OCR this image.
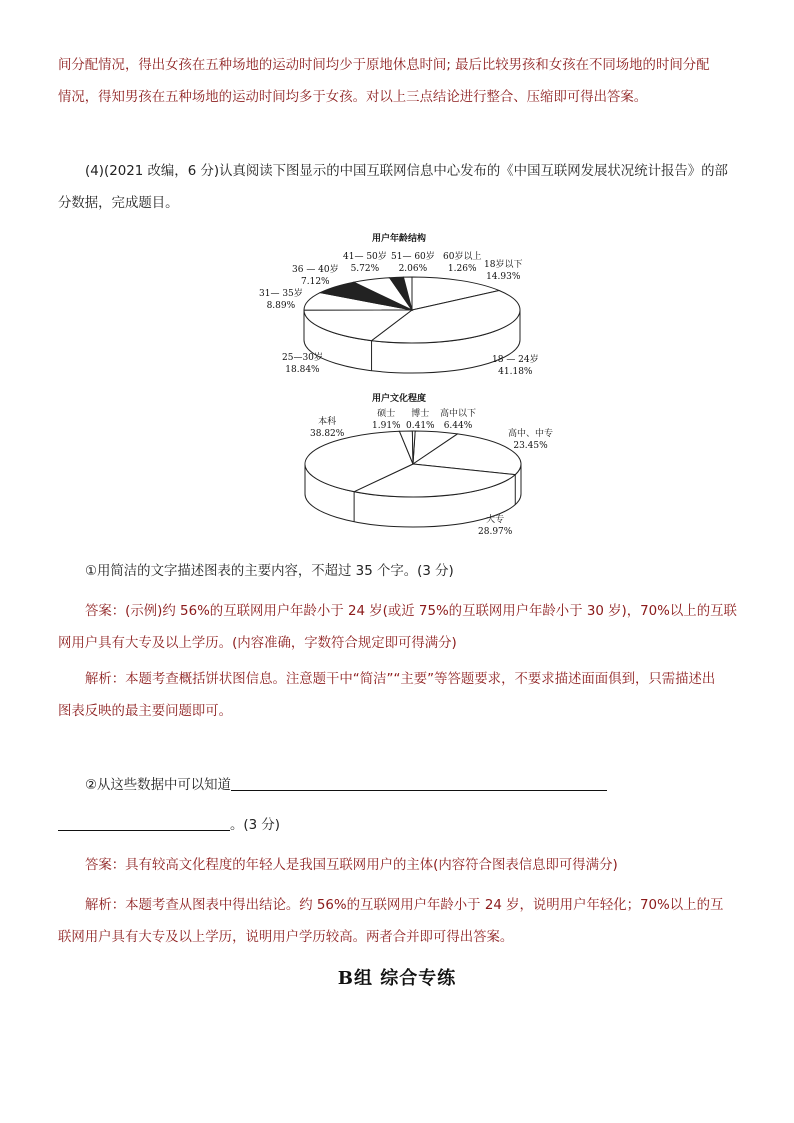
间分配情况，得出女孩在五种场地的运动时间均少于原地休息时间; 最后比较男孩和女孩在不同场地的时间分配
情况，得知男孩在五种场地的运动时间均多于女孩。对以上三点结论进行整合、压缩即可得出答案。

(4)(2021 改编，6 分)认真阅读下图显示的中国互联网信息中心发布的《中国互联网发展状况统计报告》的部
分数据，完成题目。

用户年龄结构
18岁以下
14.93%
18 — 24岁
41.18%
25—30岁
18.84%
31— 35岁
8.89%
36 — 40岁
7.12%
41— 50岁
5.72%
51— 60岁
2.06%
60岁以上
1.26%
用户文化程度
高中以下
6.44%
高中、中专
23.45%
大专
28.97%
本科
38.82%
硕士
1.91%
博士
0.41%

①用简洁的文字描述图表的主要内容，不超过 35 个字。(3 分)

答案：(示例)约 56%的互联网用户年龄小于 24 岁(或近 75%的互联网用户年龄小于 30 岁)，70%以上的互联
网用户具有大专及以上学历。(内容准确，字数符合规定即可得满分)

解析：本题考查概括饼状图信息。注意题干中“简洁”“主要”等答题要求，不要求描述面面俱到，只需描述出
图表反映的最主要问题即可。

②从这些数据中可以知道

。(3 分)

答案：具有较高文化程度的年轻人是我国互联网用户的主体(内容符合图表信息即可得满分)

解析：本题考查从图表中得出结论。约 56%的互联网用户年龄小于 24 岁，说明用户年轻化；70%以上的互
联网用户具有大专及以上学历，说明用户学历较高。两者合并即可得出答案。

B组 综合专练
